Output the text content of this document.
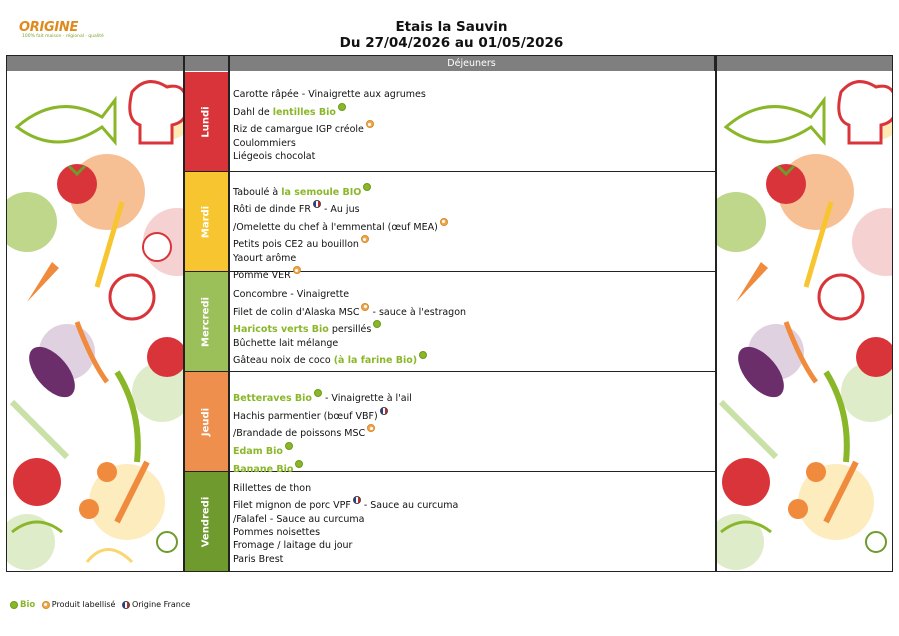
ORIGINE
100% fait maison · régional · qualité
Etais la Sauvin
Du 27/04/2026 au 01/05/2026
Déjeuners
Lundi
Carotte râpée - Vinaigrette aux agrumes
Dahl de lentilles Bio
Riz de camargue IGP créole
Coulommiers
Liégeois chocolat
Mardi
Taboulé à la semoule BIO
Rôti de dinde FR - Au jus
/Omelette du chef à l'emmental (œuf MEA)
Petits pois CE2 au bouillon
Yaourt arôme
Pomme VER
Mercredi
Concombre - Vinaigrette
Filet de colin d'Alaska MSC - sauce à l'estragon
Haricots verts Bio persillés
Bûchette lait mélange
Gâteau noix de coco (à la farine Bio)
Jeudi
Betteraves Bio - Vinaigrette à l'ail
Hachis parmentier (bœuf VBF)
/Brandade de poissons MSC
Edam Bio
Banane Bio
Vendredi
Rillettes de thon
Filet mignon de porc VPF - Sauce au curcuma
/Falafel - Sauce au curcuma
Pommes noisettes
Fromage / laitage du jour
Paris Brest
Bio Produit labellisé Origine France
